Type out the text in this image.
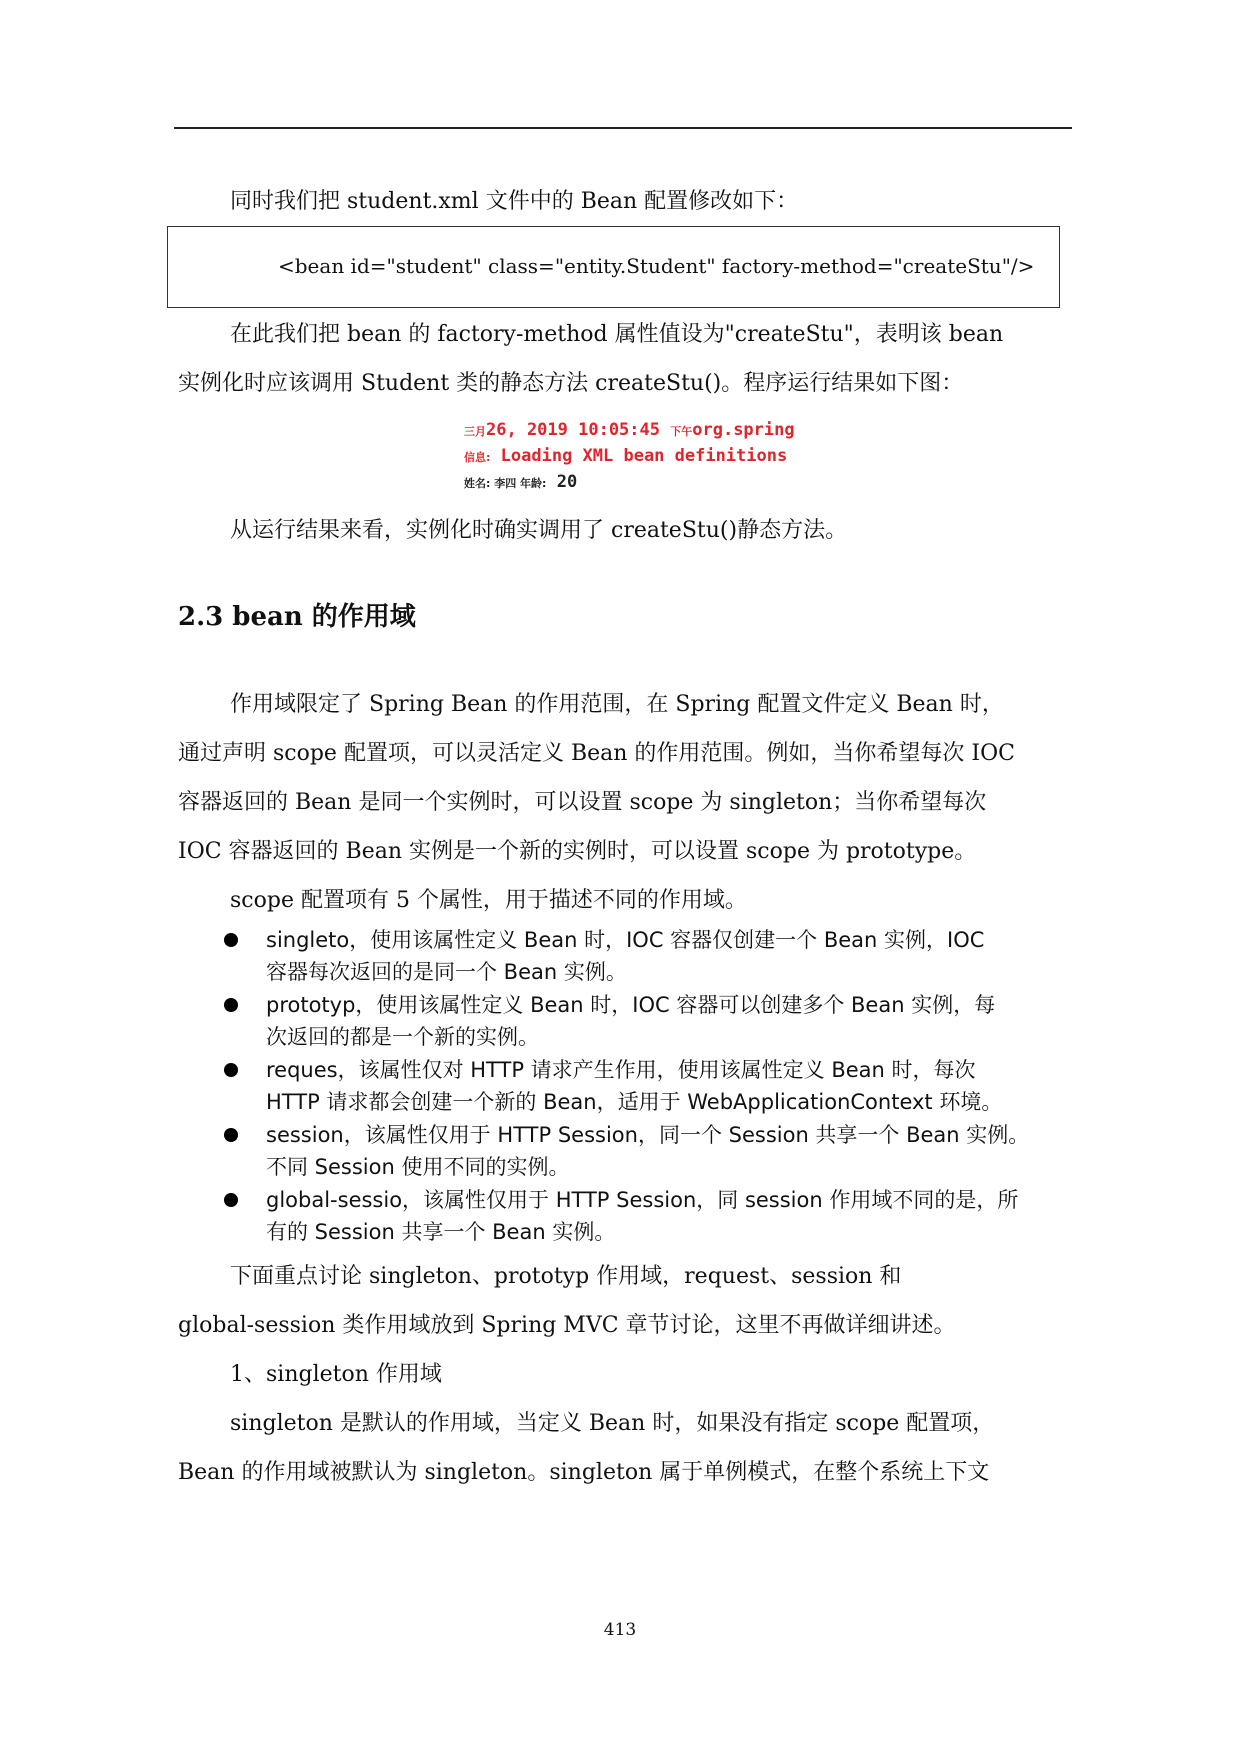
同时我们把 student.xml 文件中的 Bean 配置修改如下：
<bean id="student" class="entity.Student" factory-method="createStu"/>
在此我们把 bean 的 factory-method 属性值设为"createStu"，表明该 bean
实例化时应该调用 Student 类的静态方法 createStu()。程序运行结果如下图：
三月26, 2019 10:05:45 下午org.spring
信息: Loading XML bean definitions
姓名: 李四 年龄: 20
从运行结果来看，实例化时确实调用了 createStu()静态方法。
2.3 bean 的作用域
作用域限定了 Spring Bean 的作用范围，在 Spring 配置文件定义 Bean 时，
通过声明 scope 配置项，可以灵活定义 Bean 的作用范围。例如，当你希望每次 IOC
容器返回的 Bean 是同一个实例时，可以设置 scope 为 singleton；当你希望每次
IOC 容器返回的 Bean 实例是一个新的实例时，可以设置 scope 为 prototype。
scope 配置项有 5 个属性，用于描述不同的作用域。
singleto，使用该属性定义 Bean 时，IOC 容器仅创建一个 Bean 实例，IOC
容器每次返回的是同一个 Bean 实例。
prototyp，使用该属性定义 Bean 时，IOC 容器可以创建多个 Bean 实例，每
次返回的都是一个新的实例。
reques，该属性仅对 HTTP 请求产生作用，使用该属性定义 Bean 时，每次
HTTP 请求都会创建一个新的 Bean，适用于 WebApplicationContext 环境。
session，该属性仅用于 HTTP Session，同一个 Session 共享一个 Bean 实例。
不同 Session 使用不同的实例。
global-sessio，该属性仅用于 HTTP Session，同 session 作用域不同的是，所
有的 Session 共享一个 Bean 实例。
下面重点讨论 singleton、prototyp 作用域，request、session 和
global-session 类作用域放到 Spring MVC 章节讨论，这里不再做详细讲述。
1、singleton 作用域
singleton 是默认的作用域，当定义 Bean 时，如果没有指定 scope 配置项，
Bean 的作用域被默认为 singleton。singleton 属于单例模式，在整个系统上下文
413
